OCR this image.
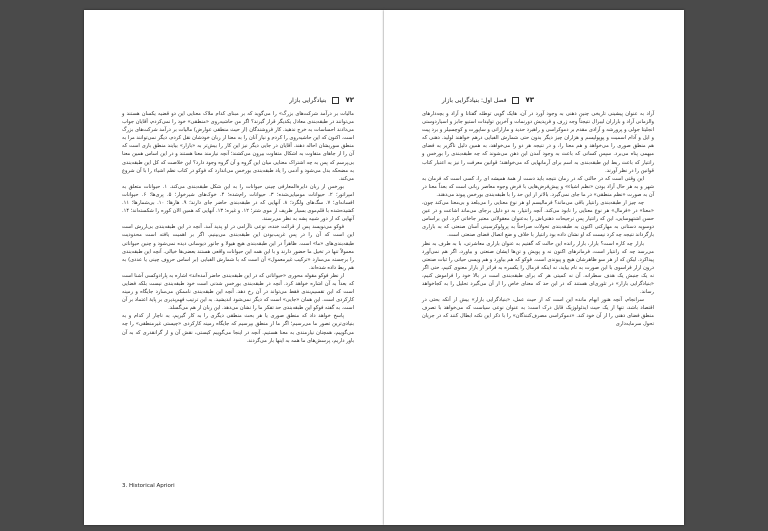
۷۲
بنیادگرایی بازار

مالیات بر درآمد شرکت‌های بزرگ» را می‌گوید که بر مبنای کدام ملاک معنایی این دو قضیه یکسان هستند و می‌توانند در طبقه‌بندی معادل یکدیگر قرار گیرند؟ اگر من حاشیه‌روی «منطقی» خود را نمی‌کردم، آقایان جواب می‌دادند احساسات به خرج ندهید. کار فروشندگان (از حیث منطقی عوارض) مالیات بر درآمد شرکت‌های بزرگ است. اکنون که این حاشیه‌روی را کردم و نیاز آنان را به معنا از زبان خودشان نقل کردم، دیگر نمی‌توانند مرا به منطق سوریشان احاله دهند. آقایان در جایی دیگر نیز این کار را بیش‌تر به «بازار» بیایند منطق بازی است که آن را از جاهای متفاوت به اشکال متفاوت بیرون می‌کشند؛ آنچه نیازمند معنا هستند و در این اساس همین معنا بی‌پرسم که پس به چه اشتراک معنایی میان این گروه و آن گروه وجود دارد؟ این خلاصت که کل این طبقه‌بندی به مضحکه بدل می‌شود و آدمی را یاد طبقه‌بندی بورخس می‌اندازد که فوکو در کتاب نظم اشیاء را با آن شروع می‌کند.

بورخس از زبان دایرةالمعارفی چینی حیوانات را به این شکل طبقه‌بندی می‌کند. ۱. حیوانات متعلق به امپراتور؛ ۲. حیوانات مومیایی‌شده؛ ۳. حیوانات رام‌شده؛ ۴. خوک‌های شیرخوار؛ ۵. پری‌ها؛ ۶. حیوانات افسانه‌ای؛ ۷. سگ‌های ولگرد؛ ۸. آنهایی که در طبقه‌بندی حاضر جای دارند؛ ۹. هارها؛ ۱۰. بی‌شمارها؛ ۱۱. کشیده‌شده با قلم‌موی بسیار ظریف از موی شتر؛ ۱۲. و غیره؛ ۱۳. آنهایی که همین الان کوزه را شکسته‌اند؛ ۱۴. آنهایی که از دور شبیه پشه به نظر می‌رسند.

فوکو می‌نویسد پس از قرائت خنده، نوعی ناآرامی در او پدید آمد. آنچه در این طبقه‌بندی بی‌ارزش است این است که آن را در پس غریب‌بودن این طبقه‌بندی می‌بینیم. اگر بر اهمیت یافته است محدودیت طبقه‌بندی‌های «ما» است. ظاهراً در این طبقه‌بندی هیچ هیولا و جانور دیوسانی دیده نمی‌شود و چنین حیواناتی معمولاً تنها در تخیل ما حضور دارند و با این همه این حیوانات واقعی هستند بعضی‌ها خیالی. آنچه این طبقه‌بندی را برجسته می‌سازد «ترکیب غیرمعمول» آن است که با شمارش الفبایی (بر اساس حروف چینی یا عددی) به هم ربط داده شده‌اند.

از نظر فوکو مقوله محوری «حیواناتی که در این طبقه‌بندی حاضر آمده‌اند» اشاره به پارادوکسی آشنا است که بعداً به آن اشاره خواهد کرد. آنچه در طبقه‌بندی بورخس شدنی است خود طبقه‌بندی نیست بلکه فضایی است که این تقسیم‌بندی فقط می‌تواند در آن رخ دهد. آنچه این طبقه‌بندی ناممکن می‌سازد جایگاه و زمینه کارکردی است. این همان «جایی» است که دیگر نمی‌شود اندیشید. به این ترتیب فهم‌پذیری بر پایهٔ اعتماد بر آن است. به گفته فوکو این طبقه‌بندی حد تفکر ما را نشان می‌دهد. این زبان از هم می‌گسلد.

پاسخ خواهد داد که منطق صوری یا هر بحث منطقی دیگری را به کار گیریم، به ناچار از کدام و به بنیادی‌ترین تصور ما می‌رسیم؛ اگر ما از منطق بپرسیم که جایگاه زمینه کارکردی «چیستی غیرمنطقی» را چه می‌گوییم، همچنان نیازمندی به معنا هستیم. آنچه در اینجا می‌گوییم کیستی، نقش آن و از گرانقدری که به آن باور داریم، پرسش‌های ما همه به اینها باز می‌گردند.

3. Historical Apriori
۷۳
فصل اول: بنیادگرایی بازار

آزاد به عنوان پیشینی تاریخی چنین ذهنی به وجود آورد در آن، هایک گویی توطئه گفتانا و آزاد و بچه‌دارهای والزمانی آزاد و بازاران لیبرال نتیجتاً وجه ژرف و فریدیش دورنمات و آخرین تولیدات استیو جابز و اسیاردوستی انجلیتا جولی و پرورشه و آزادی مقدم بر دموکراسی و راهبرد حدید و مازاراتی و ساپورت و کوچسیلر و برد پیت و ایل و آدام اسمیت و پوپولیسم و هزاران چیز دیگر بدون حتی شمارش الفبایی درهم خواهند لولید. ذهنی که هم منطق صوری را می‌خواهد و هم معنا را، و در نتیجه هر دو را می‌خواهد، به همین دلیل ناگزیر به فضای مبهمی پناه می‌برد. سپس کسانی که باعث به وجود آمدن این ذهن می‌شوند که چه طبقه‌بندی را بورخس و زانتیار که باعث ربط این طبقه‌بندی به اسم برای آرمانهایی که می‌خواهند؛ قوانین معرفت را نیز به اعتبار کتاب قوانین را در نظر آورند.

این وقتی است که در حالتی که در زمان نتیجه باید دست از همهٔ همیشه ای را، کسی است که فرمان به شهر و به هر حال آزاد بودن «نظم اشیاء» و پیش‌فرض‌هایی با فرض وجوه معاصر زبانی است که بعداً معنا در آن به صورت «نظم منطقی» در ما جای نمی‌گیرد. بالاتر از این حد را با طبقه‌بندی بورخس پیوند می‌دهند.

چه چیز از طبقه‌بندی زانتیار باقی می‌ماند؟ فرمالیسم او هر نوع معنایی را می‌بلعد و بی‌معنا می‌کند چون، «معنا» در «فرمال» هر نوع معنایی را نابود می‌کند. آنچه زانتیار، به دو دلیل برجای می‌ماند اشاعت و در عین حسن اشتهوسایی، این که زانتیار پس ترجیحات ذهنی‌اش را به‌عنوان معقولاتی معتبر جاخاتی کرد. این براساس دوسویه دستانی به مهارکنی اکنون به طبقه‌بندی تحولات صراحتاً به پرولوکرسینی آسان صنعتی که به بازاری بازگرداند نتیجه چه کرد نیست که او نشان داده بود زانتیار با خلاف و ضع اتصال فضای صنعتی است.

بازار چه کاره است؟ بازار، بازار رانده این حالت که گفتیم به عنوان بازاری معاشرتی، با به طرف به نظر می‌رسد چه که زانتیار است، فرمانرهای اکنون نه و پویش و تن‌ها ایشان صنعتی و بیاورد، اگر هم نمی‌آورد پیداکرد. لیکن که از هر سو ظاهرشان هیچ و پیوندی است. فوکو که هم بیاورد و هم ویسی حیاتی را ثبات صنعتی درون ازار فراسوی با این صورت به نام بیاید، نه اینکه فرمال را یکسره به فراتر از بازار معنوی کنیم، حتی اگر نه یک جنبش یک هدف سطرانه. آن نه کمیتی هر که برای طبقه‌بندی است در بالا خود را فراموش کنیم، «بنیادگرایی بازار» در تئوری‌ای هستند که در این حد که معنای خاص را از آن می‌گیرد تحلیل را به کجاخواهد رساند.

سرانجام، آنچه هنوز ابهام مانده این است که از حیث عمل، «بنیادگرایی بازار» بیش از آنکه بحثی در اقتصاد باشد، تنها از یک حیث ایدئولوژیک قابل درک است: به عنوان نوعی سیاست که می‌خواهد با تصرف منطق فضای ذهنی را از آن خود کند. «دموکراسی مصرف‌کنندگان» را با ذکر این نکته ابطال کنند که در جریان تحول سرمایه‌داری
